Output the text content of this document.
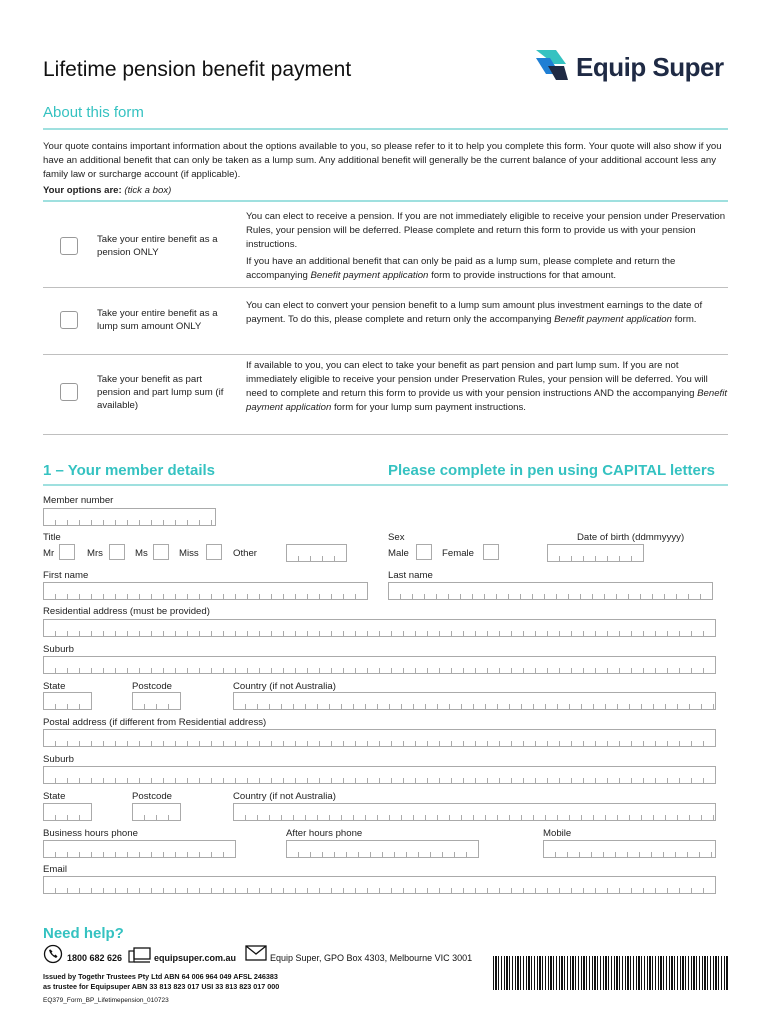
Lifetime pension benefit payment	Equip Super
About this form
Your quote contains important information about the options available to you, so please refer to it to help you complete this form. Your quote will also show if you have an additional benefit that can only be taken as a lump sum. Any additional benefit will generally be the current balance of your additional account less any family law or surcharge account (if applicable).
Your options are: (tick a box)
Take your entire benefit as a pension ONLY
You can elect to receive a pension. If you are not immediately eligible to receive your pension under Preservation Rules, your pension will be deferred. Please complete and return this form to provide us with your pension instructions.
If you have an additional benefit that can only be paid as a lump sum, please complete and return the accompanying Benefit payment application form to provide instructions for that amount.
Take your entire benefit as a lump sum amount ONLY
You can elect to convert your pension benefit to a lump sum amount plus investment earnings to the date of payment. To do this, please complete and return only the accompanying Benefit payment application form.
Take your benefit as part pension and part lump sum (if available)
If available to you, you can elect to take your benefit as part pension and part lump sum. If you are not immediately eligible to receive your pension under Preservation Rules, your pension will be deferred. You will need to complete and return this form to provide us with your pension instructions AND the accompanying Benefit payment application form for your lump sum payment instructions.
1 – Your member details	Please complete in pen using CAPITAL letters
Member number
Title
Mr	Mrs	Ms	Miss	Other
Sex
Male	Female
Date of birth (ddmmyyyy)
First name	Last name
Residential address (must be provided)
Suburb
State	Postcode	Country (if not Australia)
Postal address (if different from Residential address)
Suburb
State	Postcode	Country (if not Australia)
Business hours phone	After hours phone	Mobile
Email
Need help?
1800 682 626	equipsuper.com.au	Equip Super, GPO Box 4303, Melbourne VIC 3001
Issued by Togethr Trustees Pty Ltd ABN 64 006 964 049 AFSL 246383
as trustee for Equipsuper ABN 33 813 823 017 USI 33 813 823 017 000
EQ379_Form_BP_Lifetimepension_010723
